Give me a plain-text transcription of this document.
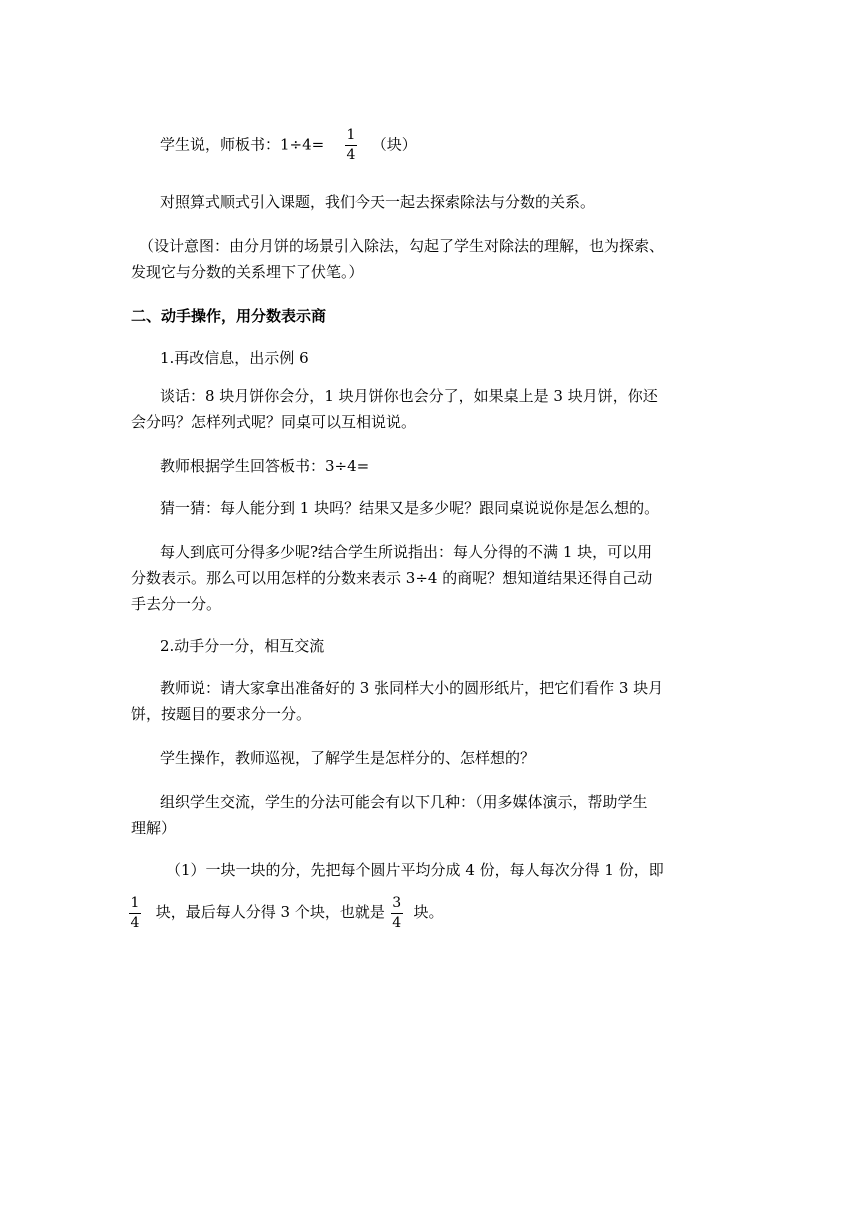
学生说，师板书：$1\div 4= \frac{1}{4}$ （块）
对照算式顺式引入课题，我们今天一起去探索除法与分数的关系。
（设计意图：由分月饼的场景引入除法，勾起了学生对除法的理解，也为探索、
发现它与分数的关系埋下了伏笔。）
二、动手操作，用分数表示商
1.再改信息，出示例 6
谈话：8 块月饼你会分，1 块月饼你也会分了，如果桌上是 3 块月饼，你还
会分吗？怎样列式呢？同桌可以互相说说。
教师根据学生回答板书：3÷4=
猜一猜：每人能分到 1 块吗？结果又是多少呢？跟同桌说说你是怎么想的。
每人到底可分得多少呢?结合学生所说指出：每人分得的不满 1 块，可以用
分数表示。那么可以用怎样的分数来表示 3÷4 的商呢？想知道结果还得自己动
手去分一分。
2.动手分一分，相互交流
教师说：请大家拿出准备好的 3 张同样大小的圆形纸片，把它们看作 3 块月
饼，按题目的要求分一分。
学生操作，教师巡视，了解学生是怎样分的、怎样想的？
组织学生交流，学生的分法可能会有以下几种：（用多媒体演示，帮助学生
理解）
（1）一块一块的分，先把每个圆片平均分成 4 份，每人每次分得 1 份，即
$\frac{1}{4}$ 块，最后每人分得 3 个块，也就是 $\frac{3}{4}$ 块。
